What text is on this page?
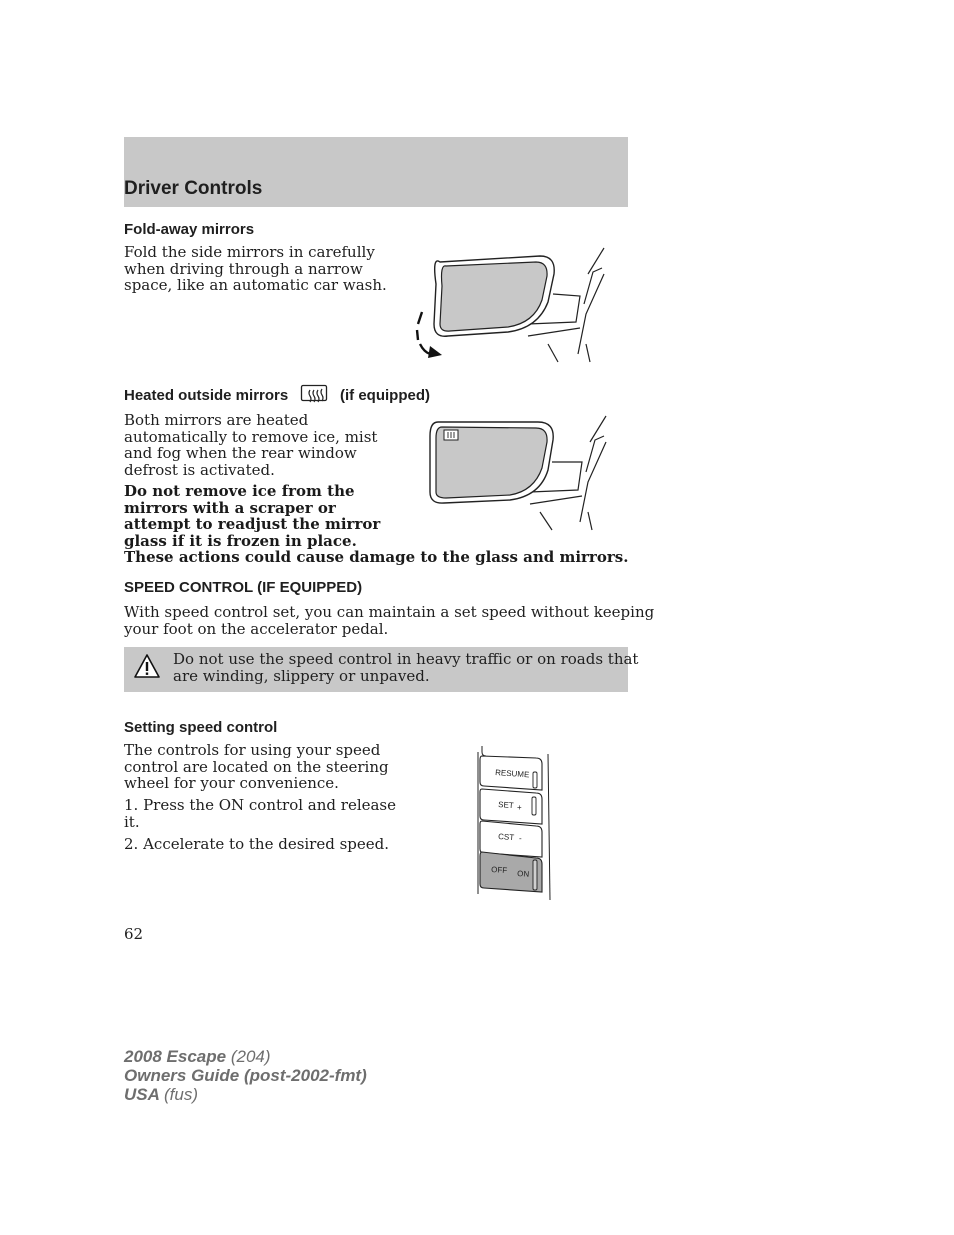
Driver Controls
Fold-away mirrors

Fold the side mirrors in carefully

when driving through a narrow

space, like an automatic car wash.

Heated outside mirrors	(if equipped)

Both mirrors are heated

automatically to remove ice, mist

and fog when the rear window

defrost is activated.

Do not remove ice from the

mirrors with a scraper or

attempt to readjust the mirror

glass if it is frozen in place.

These actions could cause damage to the glass and mirrors.

SPEED CONTROL (IF EQUIPPED)

With speed control set, you can maintain a set speed without keeping

your foot on the accelerator pedal.

Do not use the speed control in heavy traffic or on roads that

are winding, slippery or unpaved.

Setting speed control

The controls for using your speed

control are located on the steering

wheel for your convenience.

1. Press the ON control and release

it.

2. Accelerate to the desired speed.
RESUME
SET +
CST -
OFF ON
62
2008 Escape (204)
Owners Guide (post-2002-fmt)
USA (fus)
